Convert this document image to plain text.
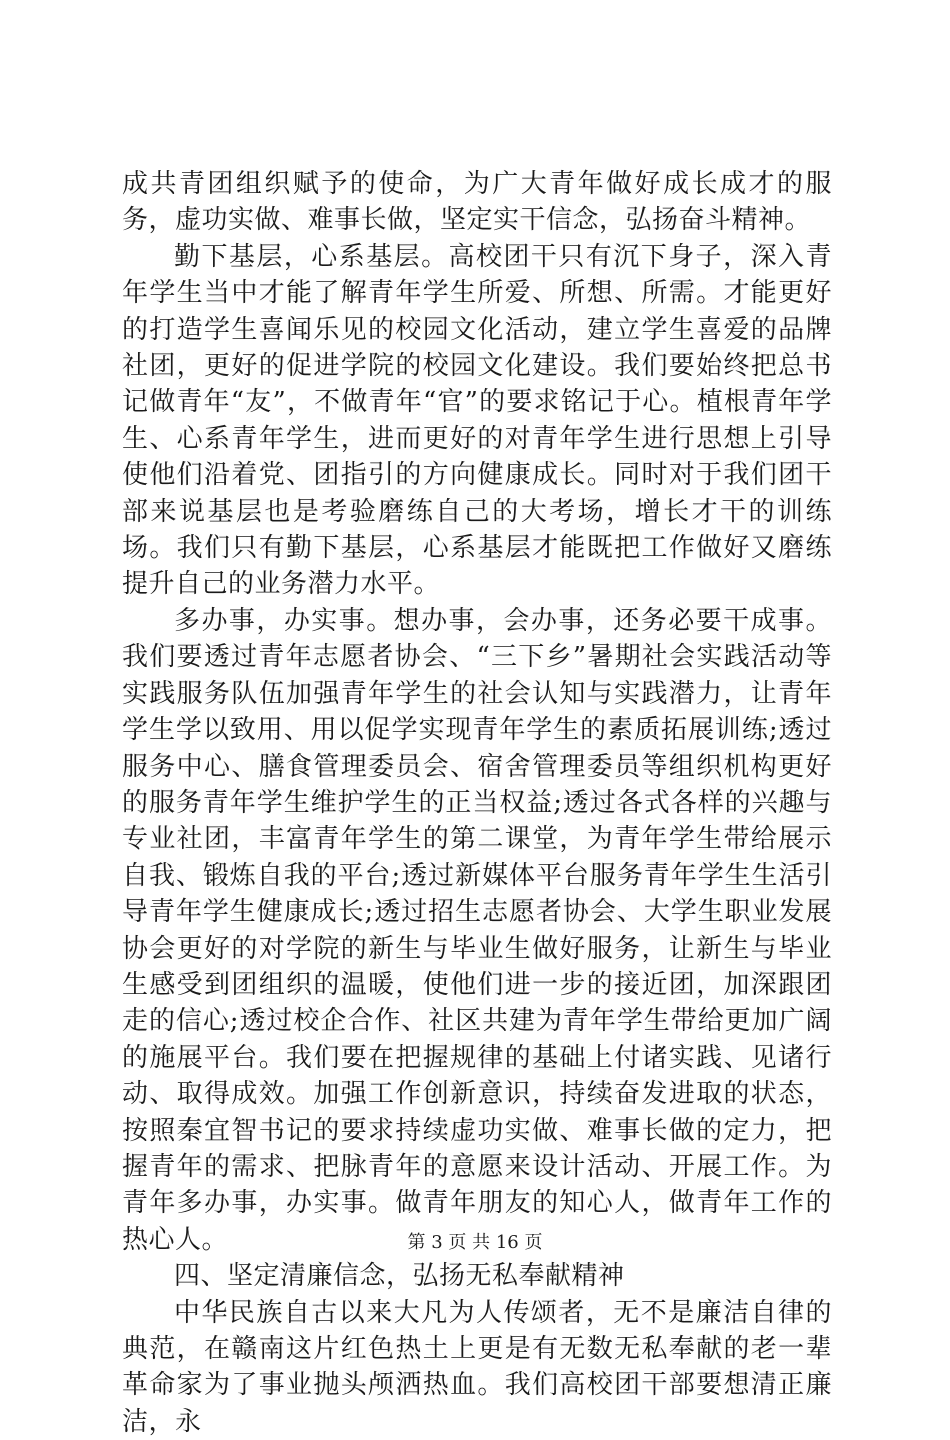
成共青团组织赋予的使命，为广大青年做好成长成才的服务，虚功实做、难事长做，坚定实干信念，弘扬奋斗精神。

勤下基层，心系基层。高校团干只有沉下身子，深入青年学生当中才能了解青年学生所爱、所想、所需。才能更好的打造学生喜闻乐见的校园文化活动，建立学生喜爱的品牌社团，更好的促进学院的校园文化建设。我们要始终把总书记做青年“友”，不做青年“官”的要求铭记于心。植根青年学生、心系青年学生，进而更好的对青年学生进行思想上引导使他们沿着党、团指引的方向健康成长。同时对于我们团干部来说基层也是考验磨练自己的大考场，增长才干的训练场。我们只有勤下基层，心系基层才能既把工作做好又磨练提升自己的业务潜力水平。

多办事，办实事。想办事，会办事，还务必要干成事。我们要透过青年志愿者协会、“三下乡”暑期社会实践活动等实践服务队伍加强青年学生的社会认知与实践潜力，让青年学生学以致用、用以促学实现青年学生的素质拓展训练;透过服务中心、膳食管理委员会、宿舍管理委员等组织机构更好的服务青年学生维护学生的正当权益;透过各式各样的兴趣与专业社团，丰富青年学生的第二课堂，为青年学生带给展示自我、锻炼自我的平台;透过新媒体平台服务青年学生生活引导青年学生健康成长;透过招生志愿者协会、大学生职业发展协会更好的对学院的新生与毕业生做好服务，让新生与毕业生感受到团组织的温暖，使他们进一步的接近团，加深跟团走的信心;透过校企合作、社区共建为青年学生带给更加广阔的施展平台。我们要在把握规律的基础上付诸实践、见诸行动、取得成效。加强工作创新意识，持续奋发进取的状态，按照秦宜智书记的要求持续虚功实做、难事长做的定力，把握青年的需求、把脉青年的意愿来设计活动、开展工作。为青年多办事，办实事。做青年朋友的知心人，做青年工作的热心人。

四、坚定清廉信念，弘扬无私奉献精神

中华民族自古以来大凡为人传颂者，无不是廉洁自律的典范，在赣南这片红色热土上更是有无数无私奉献的老一辈革命家为了事业抛头颅洒热血。我们高校团干部要想清正廉洁，永

第 3 页 共 16 页
